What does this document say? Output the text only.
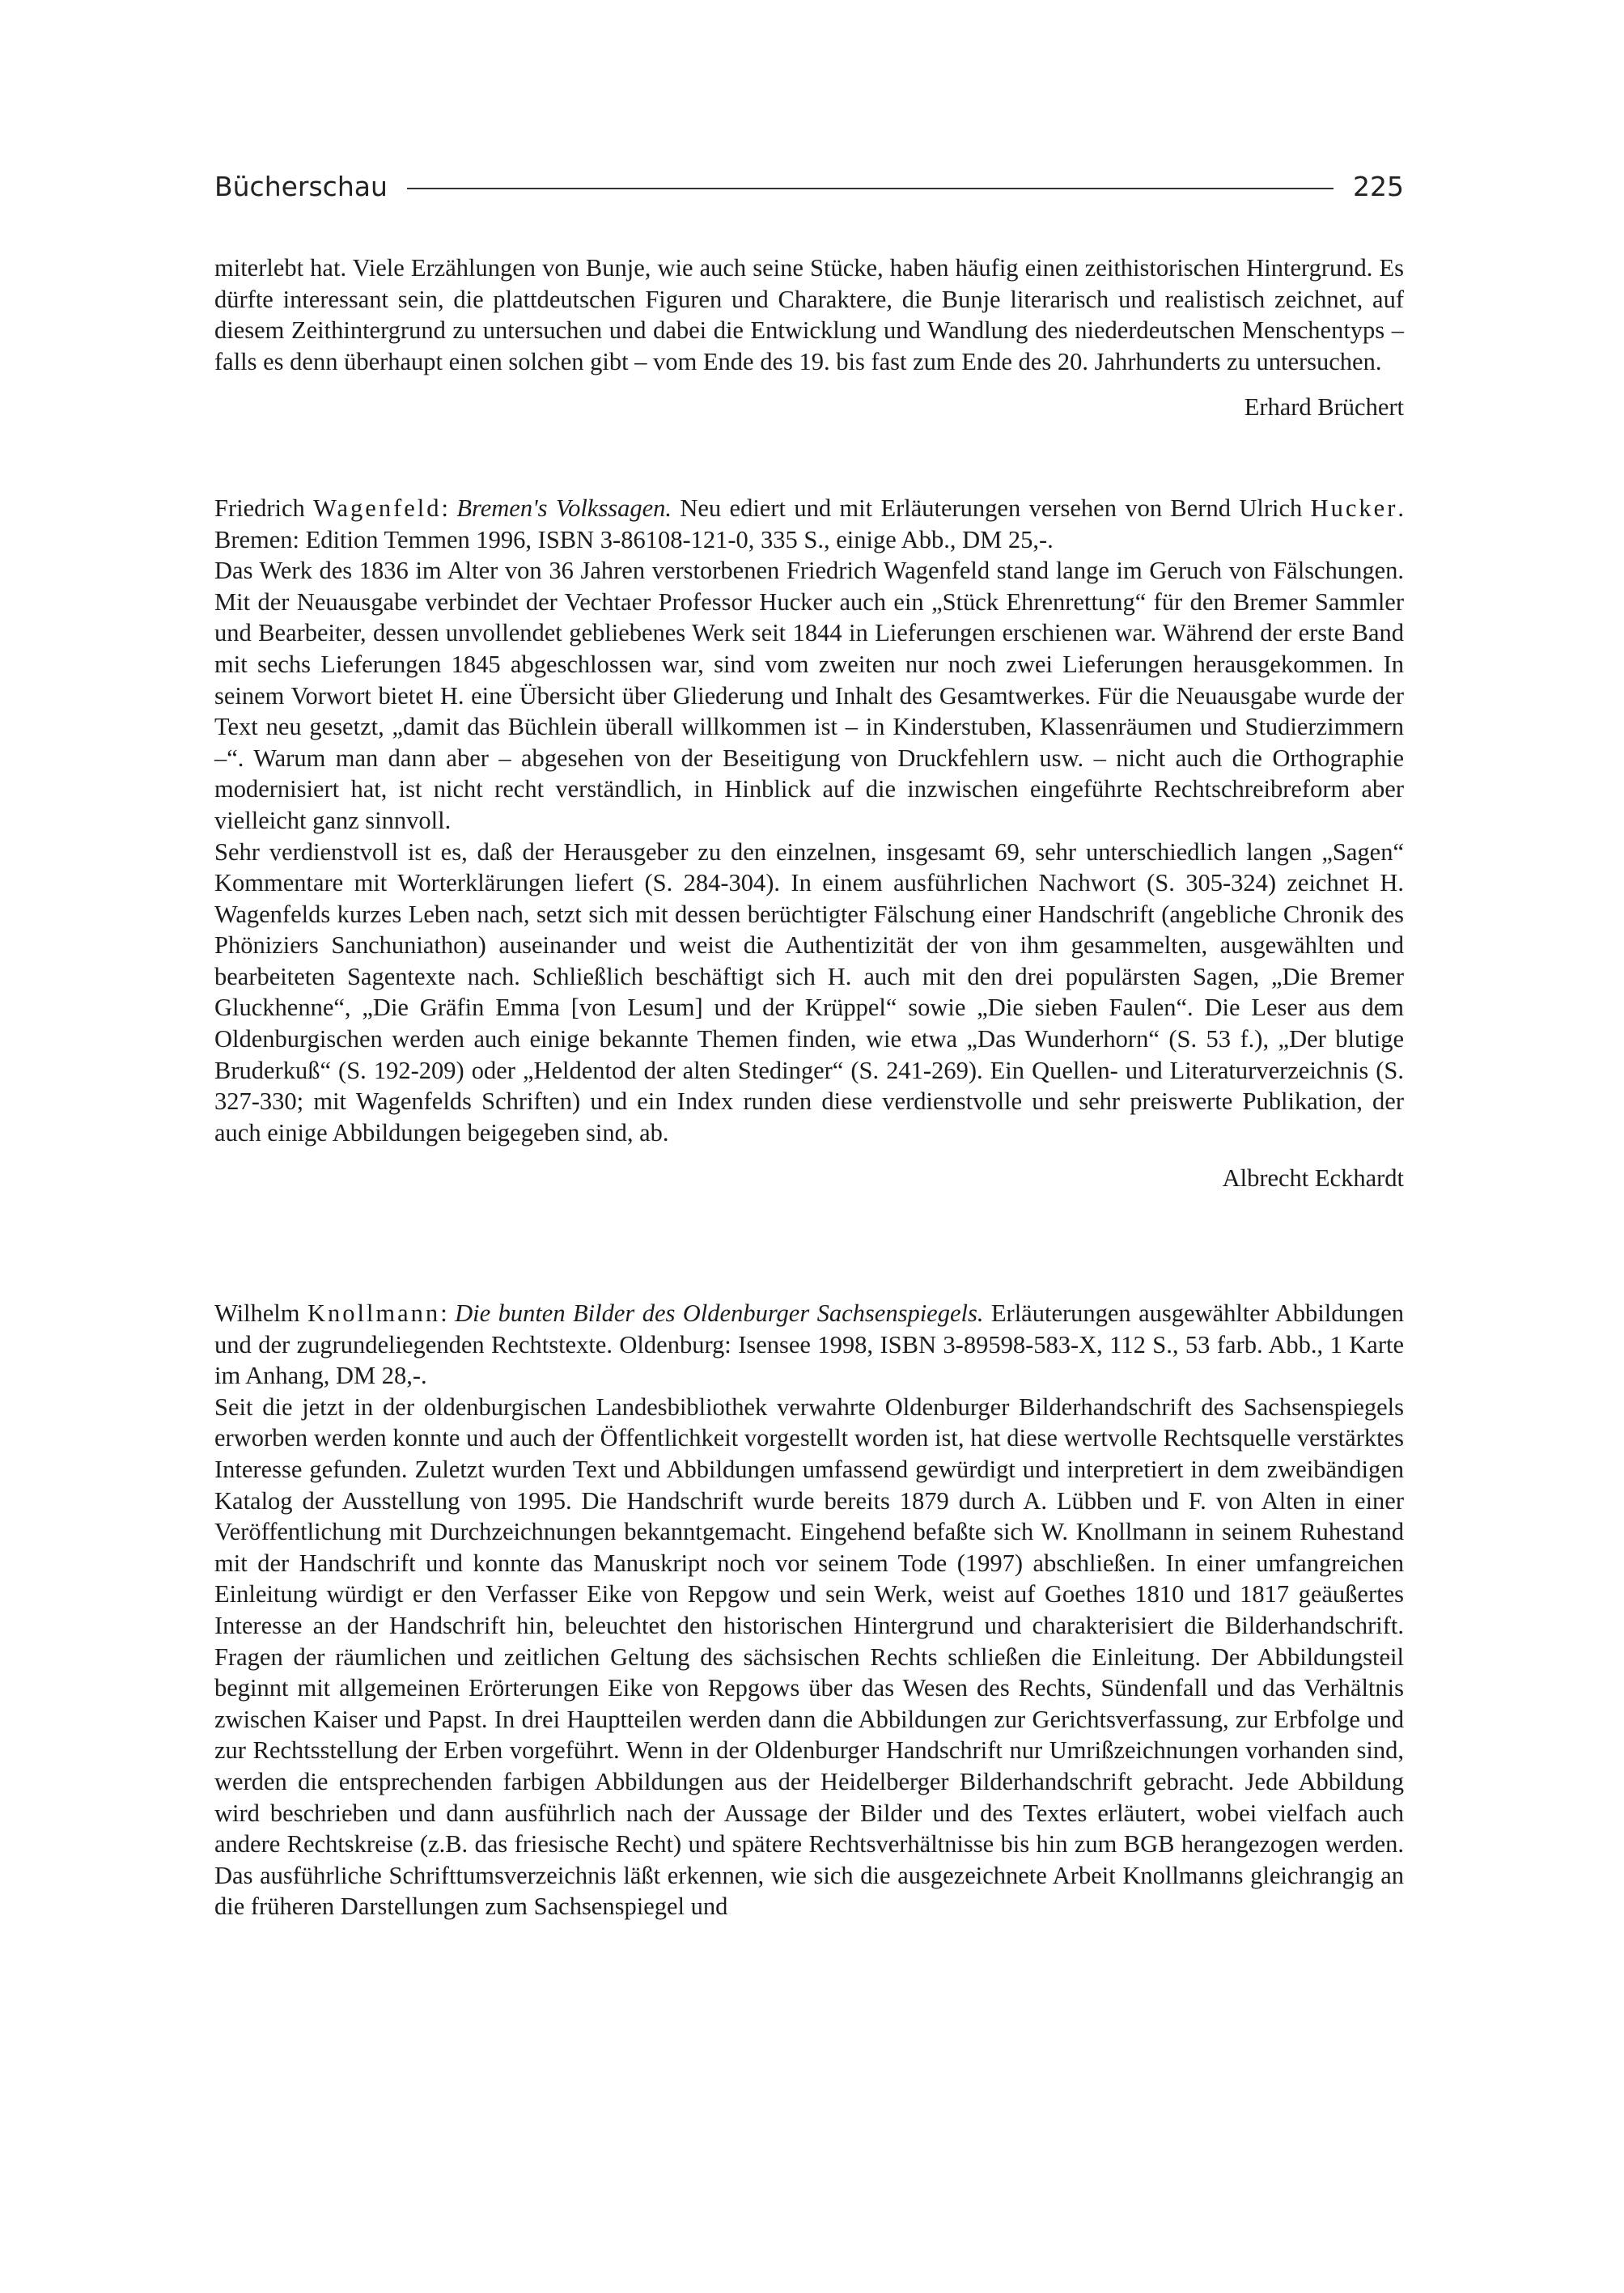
Bücherschau	225

miterlebt hat. Viele Erzählungen von Bunje, wie auch seine Stücke, haben häufig einen zeithistorischen Hintergrund. Es dürfte interessant sein, die plattdeutschen Figuren und Charaktere, die Bunje literarisch und realistisch zeichnet, auf diesem Zeithintergrund zu untersuchen und dabei die Entwicklung und Wandlung des niederdeutschen Menschentyps – falls es denn überhaupt einen solchen gibt – vom Ende des 19. bis fast zum Ende des 20. Jahrhunderts zu untersuchen.

Erhard Brüchert

Friedrich Wagenfeld: Bremen's Volkssagen. Neu ediert und mit Erläuterungen versehen von Bernd Ulrich Hucker. Bremen: Edition Temmen 1996, ISBN 3-86108-121-0, 335 S., einige Abb., DM 25,-.

Das Werk des 1836 im Alter von 36 Jahren verstorbenen Friedrich Wagenfeld stand lange im Geruch von Fälschungen. Mit der Neuausgabe verbindet der Vechtaer Professor Hucker auch ein „Stück Ehrenrettung“ für den Bremer Sammler und Bearbeiter, dessen unvollendet gebliebenes Werk seit 1844 in Lieferungen erschienen war. Während der erste Band mit sechs Lieferungen 1845 abgeschlossen war, sind vom zweiten nur noch zwei Lieferungen herausgekommen. In seinem Vorwort bietet H. eine Übersicht über Gliederung und Inhalt des Gesamtwerkes. Für die Neuausgabe wurde der Text neu gesetzt, „damit das Büchlein überall willkommen ist – in Kinderstuben, Klassenräumen und Studierzimmern –“. Warum man dann aber – abgesehen von der Beseitigung von Druckfehlern usw. – nicht auch die Orthographie modernisiert hat, ist nicht recht verständlich, in Hinblick auf die inzwischen eingeführte Rechtschreibreform aber vielleicht ganz sinnvoll.

Sehr verdienstvoll ist es, daß der Herausgeber zu den einzelnen, insgesamt 69, sehr unterschiedlich langen „Sagen“ Kommentare mit Worterklärungen liefert (S. 284-304). In einem ausführlichen Nachwort (S. 305-324) zeichnet H. Wagenfelds kurzes Leben nach, setzt sich mit dessen berüchtigter Fälschung einer Handschrift (angebliche Chronik des Phöniziers Sanchuniathon) auseinander und weist die Authentizität der von ihm gesammelten, ausgewählten und bearbeiteten Sagentexte nach. Schließlich beschäftigt sich H. auch mit den drei populärsten Sagen, „Die Bremer Gluckhenne“, „Die Gräfin Emma [von Lesum] und der Krüppel“ sowie „Die sieben Faulen“. Die Leser aus dem Oldenburgischen werden auch einige bekannte Themen finden, wie etwa „Das Wunderhorn“ (S. 53 f.), „Der blutige Bruderkuß“ (S. 192-209) oder „Heldentod der alten Stedinger“ (S. 241-269). Ein Quellen- und Literaturverzeichnis (S. 327-330; mit Wagenfelds Schriften) und ein Index runden diese verdienstvolle und sehr preiswerte Publikation, der auch einige Abbildungen beigegeben sind, ab.

Albrecht Eckhardt

Wilhelm Knollmann: Die bunten Bilder des Oldenburger Sachsenspiegels. Erläuterungen ausgewählter Abbildungen und der zugrundeliegenden Rechtstexte. Oldenburg: Isensee 1998, ISBN 3-89598-583-X, 112 S., 53 farb. Abb., 1 Karte im Anhang, DM 28,-.

Seit die jetzt in der oldenburgischen Landesbibliothek verwahrte Oldenburger Bilderhandschrift des Sachsenspiegels erworben werden konnte und auch der Öffentlichkeit vorgestellt worden ist, hat diese wertvolle Rechtsquelle verstärktes Interesse gefunden. Zuletzt wurden Text und Abbildungen umfassend gewürdigt und interpretiert in dem zweibändigen Katalog der Ausstellung von 1995. Die Handschrift wurde bereits 1879 durch A. Lübben und F. von Alten in einer Veröffentlichung mit Durchzeichnungen bekanntgemacht. Eingehend befaßte sich W. Knollmann in seinem Ruhestand mit der Handschrift und konnte das Manuskript noch vor seinem Tode (1997) abschließen. In einer umfangreichen Einleitung würdigt er den Verfasser Eike von Repgow und sein Werk, weist auf Goethes 1810 und 1817 geäußertes Interesse an der Handschrift hin, beleuchtet den historischen Hintergrund und charakterisiert die Bilderhandschrift. Fragen der räumlichen und zeitlichen Geltung des sächsischen Rechts schließen die Einleitung. Der Abbildungsteil beginnt mit allgemeinen Erörterungen Eike von Repgows über das Wesen des Rechts, Sündenfall und das Verhältnis zwischen Kaiser und Papst. In drei Hauptteilen werden dann die Abbildungen zur Gerichtsverfassung, zur Erbfolge und zur Rechtsstellung der Erben vorgeführt. Wenn in der Oldenburger Handschrift nur Umrißzeichnungen vorhanden sind, werden die entsprechenden farbigen Abbildungen aus der Heidelberger Bilderhandschrift gebracht. Jede Abbildung wird beschrieben und dann ausführlich nach der Aussage der Bilder und des Textes erläutert, wobei vielfach auch andere Rechtskreise (z.B. das friesische Recht) und spätere Rechtsverhältnisse bis hin zum BGB herangezogen werden. Das ausführliche Schrifttumsverzeichnis läßt erkennen, wie sich die ausgezeichnete Arbeit Knollmanns gleichrangig an die früheren Darstellungen zum Sachsenspiegel und
